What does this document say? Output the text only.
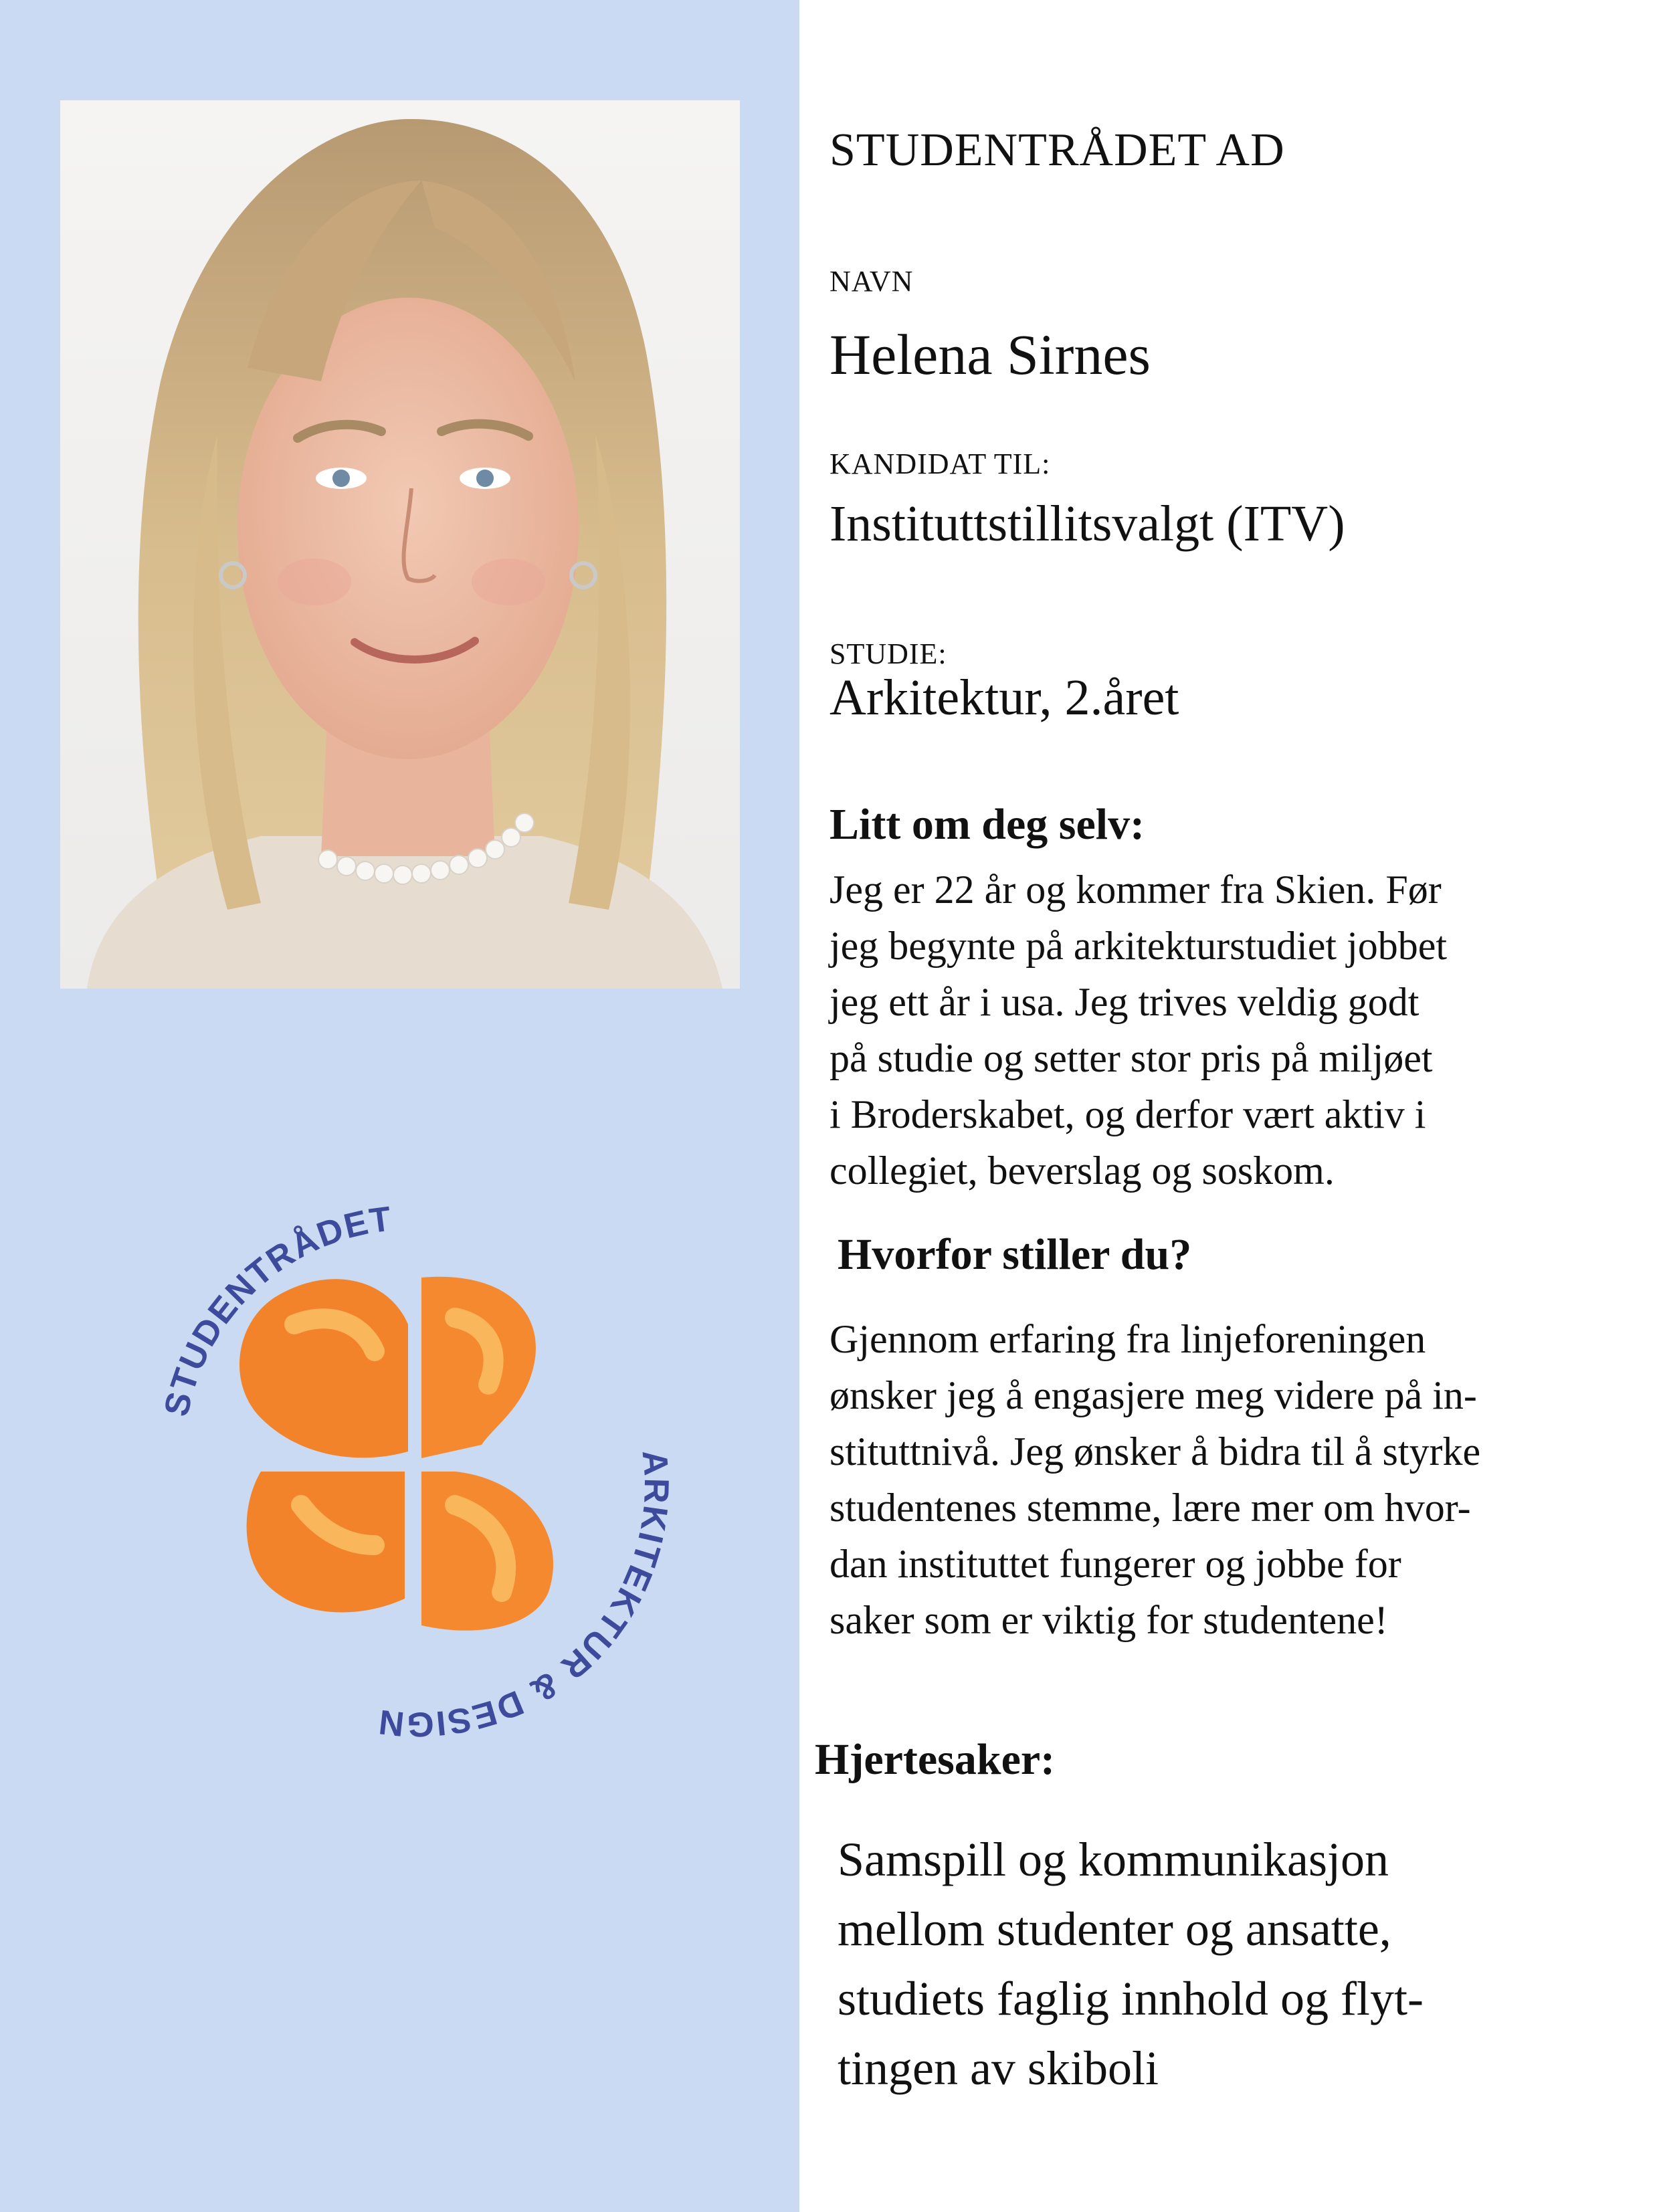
STUDENTRÅDET
ARKITEKTUR & DESIGN

STUDENTRÅDET AD

NAVN

Helena Sirnes

KANDIDAT TIL:

Instituttstillitsvalgt (ITV)

STUDIE:

Arkitektur, 2.året

Litt om deg selv:

Jeg er 22 år og kommer fra Skien. Før
jeg begynte på arkitekturstudiet jobbet
jeg ett år i usa. Jeg trives veldig godt
på studie og setter stor pris på miljøet
i Broderskabet, og derfor vært aktiv i
collegiet, beverslag og soskom.

Hvorfor stiller du?

Gjennom erfaring fra linjeforeningen
ønsker jeg å engasjere meg videre på in-
stituttnivå. Jeg ønsker å bidra til å styrke
studentenes stemme, lære mer om hvor-
dan instituttet fungerer og jobbe for
saker som er viktig for studentene!

Hjertesaker:

Samspill og kommunikasjon
mellom studenter og ansatte,
studiets faglig innhold og flyt-
tingen av skiboli
